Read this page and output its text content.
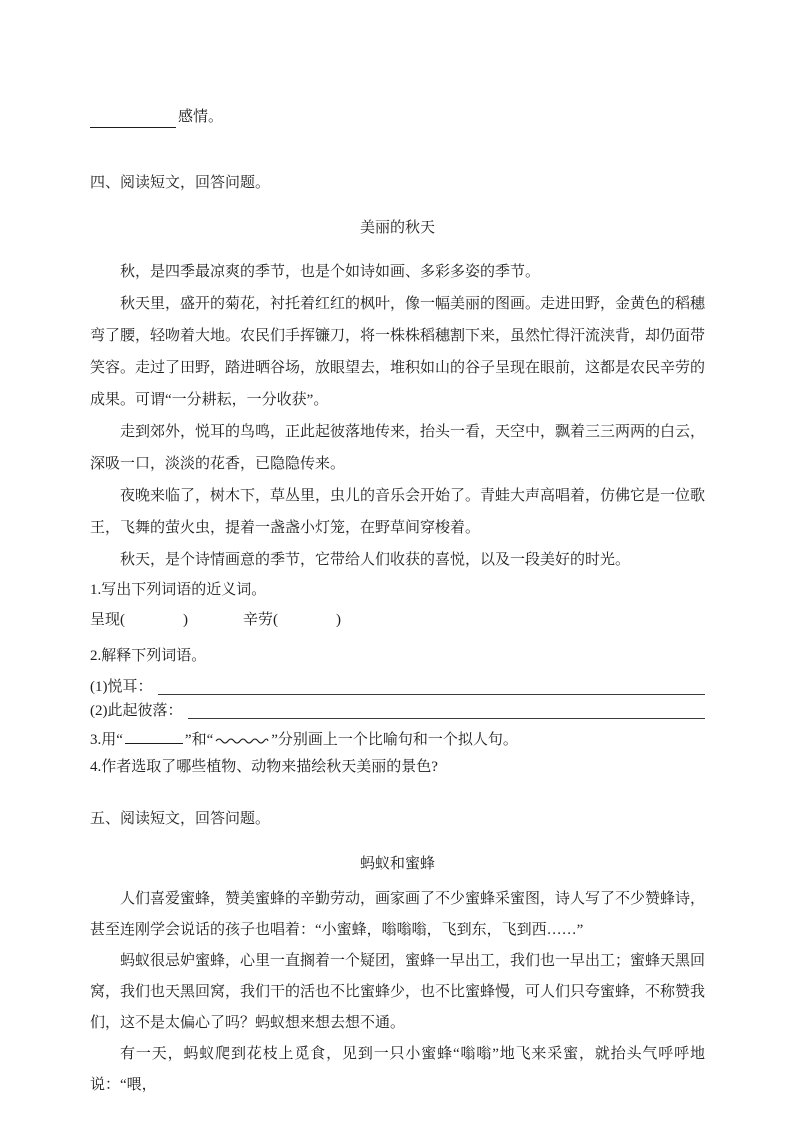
感情。
四、阅读短文，回答问题。
美丽的秋天

秋，是四季最凉爽的季节，也是个如诗如画、多彩多姿的季节。

秋天里，盛开的菊花，衬托着红红的枫叶，像一幅美丽的图画。走进田野，金黄色的稻穗弯了腰，轻吻着大地。农民们手挥镰刀，将一株株稻穗割下来，虽然忙得汗流浃背，却仍面带笑容。走过了田野，踏进晒谷场，放眼望去，堆积如山的谷子呈现在眼前，这都是农民辛劳的成果。可谓“一分耕耘，一分收获”。

走到郊外，悦耳的鸟鸣，正此起彼落地传来，抬头一看，天空中，飘着三三两两的白云，深吸一口，淡淡的花香，已隐隐传来。

夜晚来临了，树木下，草丛里，虫儿的音乐会开始了。青蛙大声高唱着，仿佛它是一位歌王，飞舞的萤火虫，提着一盏盏小灯笼，在野草间穿梭着。

秋天，是个诗情画意的季节，它带给人们收获的喜悦，以及一段美好的时光。

1.写出下列词语的近义词。
呈现(	)	辛劳(	)
2.解释下列词语。
(1)悦耳：
(2)此起彼落：
3.用“	”和“	”分别画上一个比喻句和一个拟人句。
4.作者选取了哪些植物、动物来描绘秋天美丽的景色?
五、阅读短文，回答问题。
蚂蚁和蜜蜂

人们喜爱蜜蜂，赞美蜜蜂的辛勤劳动，画家画了不少蜜蜂采蜜图，诗人写了不少赞蜂诗，甚至连刚学会说话的孩子也唱着：“小蜜蜂，嗡嗡嗡，飞到东，飞到西……”

蚂蚁很忌妒蜜蜂，心里一直搁着一个疑团，蜜蜂一早出工，我们也一早出工；蜜蜂天黑回窝，我们也天黑回窝，我们干的活也不比蜜蜂少，也不比蜜蜂慢，可人们只夸蜜蜂，不称赞我们，这不是太偏心了吗？蚂蚁想来想去想不通。

有一天，蚂蚁爬到花枝上觅食，见到一只小蜜蜂“嗡嗡”地飞来采蜜，就抬头气呼呼地说：“喂，
